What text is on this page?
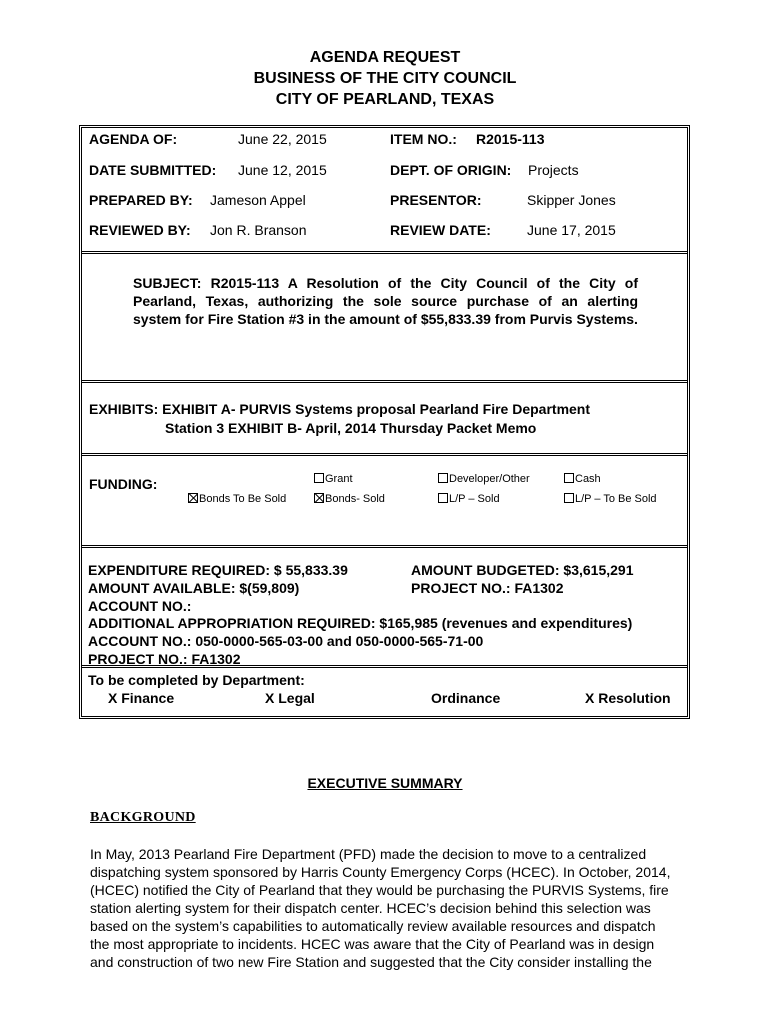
AGENDA REQUEST
BUSINESS OF THE CITY COUNCIL
CITY OF PEARLAND, TEXAS
AGENDA OF:	June 22, 2015	ITEM NO.: R2015-113
DATE SUBMITTED: June 12, 2015	DEPT. OF ORIGIN: Projects
PREPARED BY: Jameson Appel	PRESENTOR:	Skipper Jones
REVIEWED BY: Jon R. Branson	REVIEW DATE:	June 17, 2015
SUBJECT: R2015-113 A Resolution of the City Council of the City of Pearland, Texas, authorizing the sole source purchase of an alerting system for Fire Station #3 in the amount of $55,833.39 from Purvis Systems.
EXHIBITS: EXHIBIT A- PURVIS Systems proposal Pearland Fire Department
Station 3 EXHIBIT B- April, 2014 Thursday Packet Memo
FUNDING:	Grant	Developer/Other	Cash
Bonds To Be Sold	Bonds- Sold	L/P – Sold	L/P – To Be Sold
EXPENDITURE REQUIRED: $ 55,833.39	AMOUNT BUDGETED: $3,615,291
AMOUNT AVAILABLE: $(59,809)	PROJECT NO.: FA1302
ACCOUNT NO.:
ADDITIONAL APPROPRIATION REQUIRED: $165,985 (revenues and expenditures)
ACCOUNT NO.: 050-0000-565-03-00 and 050-0000-565-71-00
PROJECT NO.: FA1302
To be completed by Department:
X Finance	X Legal	Ordinance	X Resolution
EXECUTIVE SUMMARY
BACKGROUND
In May, 2013 Pearland Fire Department (PFD) made the decision to move to a centralized
dispatching system sponsored by Harris County Emergency Corps (HCEC). In October, 2014,
(HCEC) notified the City of Pearland that they would be purchasing the PURVIS Systems, fire
station alerting system for their dispatch center. HCEC’s decision behind this selection was
based on the system’s capabilities to automatically review available resources and dispatch
the most appropriate to incidents. HCEC was aware that the City of Pearland was in design
and construction of two new Fire Station and suggested that the City consider installing the
